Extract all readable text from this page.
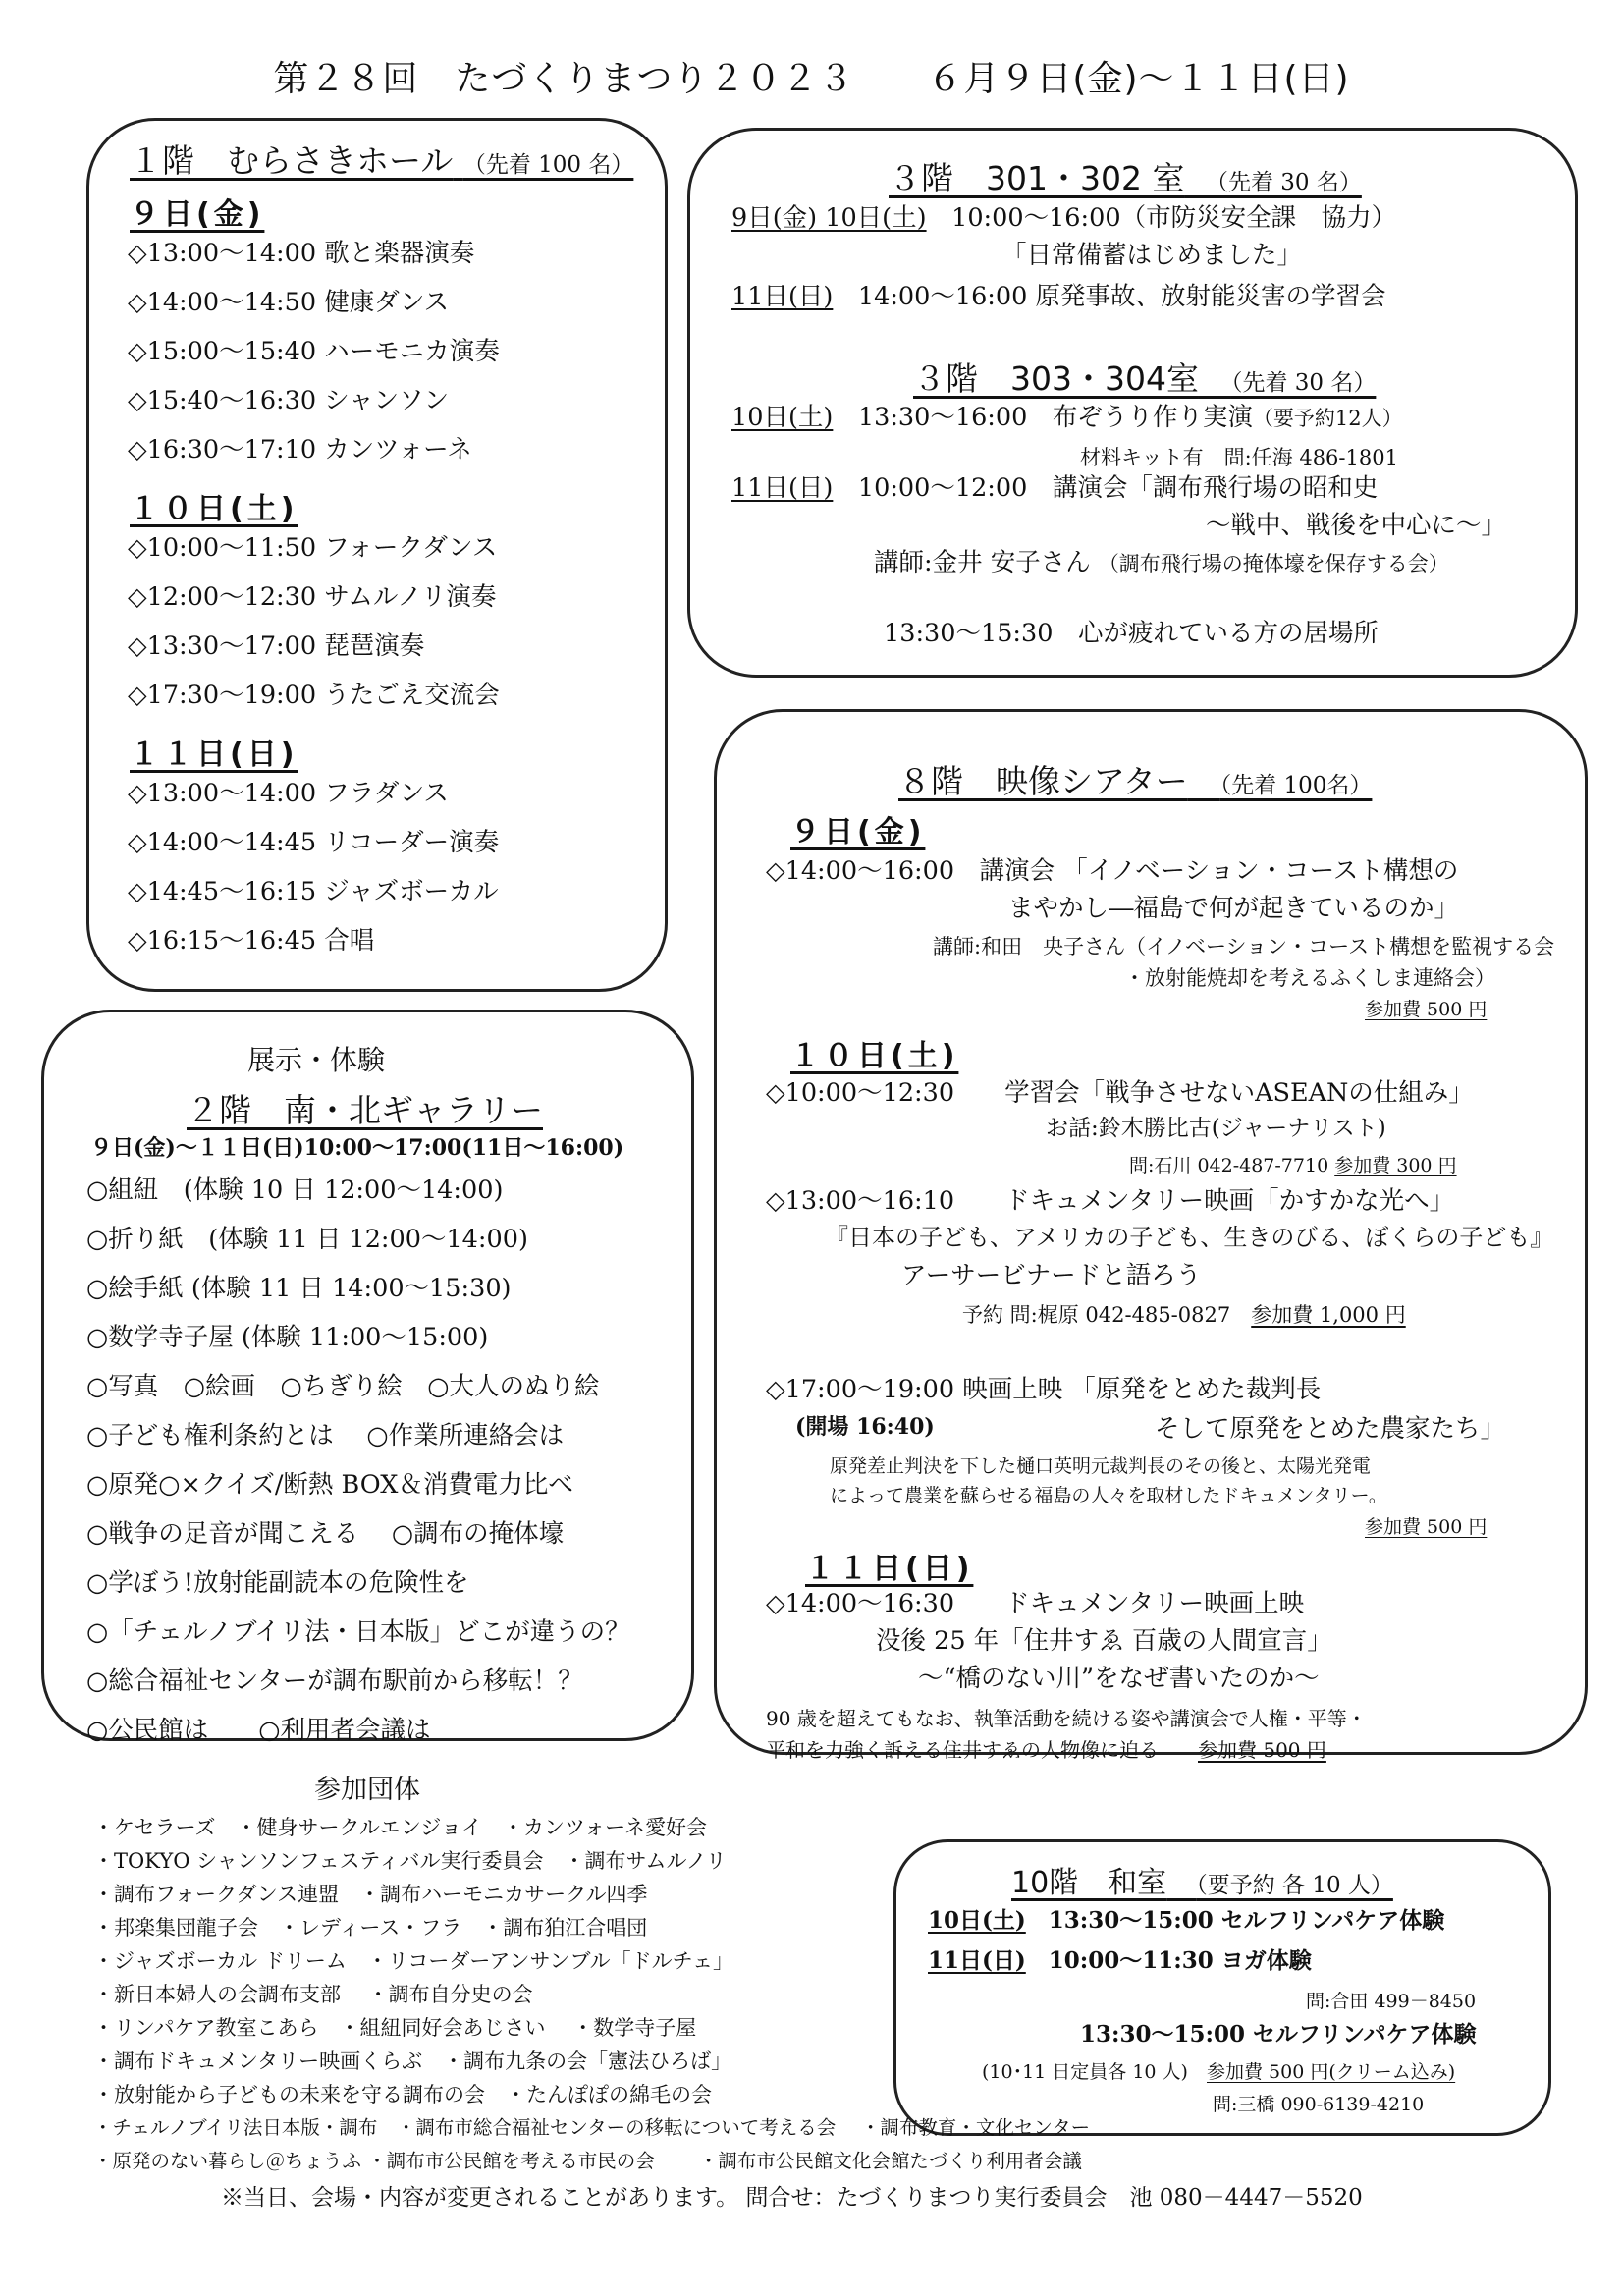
第２８回　たづくりまつり２０２３　　 ６月９日(金)～１１日(日)
１階　むらさきホール （先着 100 名）
９日(金)
◇13:00～14:00 歌と楽器演奏
◇14:00～14:50 健康ダンス
◇15:00～15:40 ハーモニカ演奏
◇15:40～16:30 シャンソン
◇16:30～17:10 カンツォーネ
１０日(土)
◇10:00～11:50 フォークダンス
◇12:00～12:30 サムルノリ演奏
◇13:30～17:00 琵琶演奏
◇17:30～19:00 うたごえ交流会
１１日(日)
◇13:00～14:00 フラダンス
◇14:00～14:45 リコーダー演奏
◇14:45～16:15 ジャズボーカル
◇16:15～16:45 合唱
３階　301・302 室　 （先着 30 名）
9日(金) 10日(土)　 10:00～16:00（市防災安全課　協力）
「日常備蓄はじめました」
11日(日)　 14:00～16:00 原発事故、放射能災害の学習会
３階　303・304室　 （先着 30 名）
10日(土)　 13:30～16:00　布ぞうり作り実演（要予約12人）
材料キット有　問:任海 486-1801
11日(日)　 10:00～12:00　講演会「調布飛行場の昭和史
～戦中、戦後を中心に～」
講師:金井 安子さん （調布飛行場の掩体壕を保存する会）
13:30～15:30　心が疲れている方の居場所
展示・体験
２階　南・北ギャラリー
９日(金)～１１日(日)10:00～17:00(11日～16:00)
○組紐　(体験 10 日 12:00～14:00)
○折り紙　(体験 11 日 12:00～14:00)
○絵手紙 (体験 11 日 14:00～15:30)
○数学寺子屋 (体験 11:00～15:00)
○写真　○絵画　○ちぎり絵　○大人のぬり絵
○子ども権利条約とは　 ○作業所連絡会は
○原発○×クイズ/断熱 BOX＆消費電力比べ
○戦争の足音が聞こえる　 ○調布の掩体壕
○学ぼう!放射能副読本の危険性を
○「チェルノブイリ法・日本版」どこが違うの？
○総合福祉センターが調布駅前から移転！？
○公民館は　　○利用者会議は
８階　映像シアター　 （先着 100名）
９日(金)
◇14:00～16:00　講演会 「イノベーション・コースト構想の
まやかし―福島で何が起きているのか」
講師:和田　央子さん（イノベーション・コースト構想を監視する会
・放射能焼却を考えるふくしま連絡会）
参加費 500 円
１０日(土)
◇10:00～12:30　　学習会「戦争させないASEANの仕組み」
お話:鈴木勝比古(ジャーナリスト)
問:石川 042-487-7710 参加費 300 円
◇13:00～16:10　　ドキュメンタリー映画「かすかな光へ」
『日本の子ども、アメリカの子ども、生きのびる、ぼくらの子ども』
アーサービナードと語ろう
予約 問:梶原 042-485-0827　 参加費 1,000 円
◇17:00～19:00 映画上映 「原発をとめた裁判長
(開場 16:40)	そして原発をとめた農家たち」
原発差止判決を下した樋口英明元裁判長のその後と、太陽光発電
によって農業を蘇らせる福島の人々を取材したドキュメンタリー。
参加費 500 円
１１日(日)
◇14:00～16:30　　ドキュメンタリー映画上映
没後 25 年「住井すゑ 百歳の人間宣言」
～“橋のない川”をなぜ書いたのか～
90 歳を超えてもなお、執筆活動を続ける姿や講演会で人権・平等・
平和を力強く訴える住井すゑの人物像に迫る　　 参加費 500 円
10階　和室　 （要予約 各 10 人）
10日(土)　 13:30～15:00 セルフリンパケア体験
11日(日)　 10:00～11:30 ヨガ体験
問:合田 499－8450
13:30～15:00 セルフリンパケア体験
(10･11 日定員各 10 人)　 参加費 500 円(クリーム込み)
問:三橋 090-6139-4210
参加団体
・ケセラーズ　・健身サークルエンジョイ　・カンツォーネ愛好会
・TOKYO シャンソンフェスティバル実行委員会　・調布サムルノリ
・調布フォークダンス連盟　・調布ハーモニカサークル四季
・邦楽集団龍子会　・レディース・フラ　・調布狛江合唱団
・ジャズボーカル ドリーム　・リコーダーアンサンブル「ドルチェ」
・新日本婦人の会調布支部　 ・調布自分史の会
・リンパケア教室こあら　・組紐同好会あじさい　 ・数学寺子屋
・調布ドキュメンタリー映画くらぶ　・調布九条の会「憲法ひろば」
・放射能から子どもの未来を守る調布の会　・たんぽぽの綿毛の会
・チェルノブイリ法日本版・調布　・調布市総合福祉センターの移転について考える会　 ・調布教育・文化センター
・原発のない暮らし＠ちょうふ ・調布市公民館を考える市民の会　　 ・調布市公民館文化会館たづくり利用者会議
※当日、会場・内容が変更されることがあります。 問合せ：たづくりまつり実行委員会　池 080－4447－5520
